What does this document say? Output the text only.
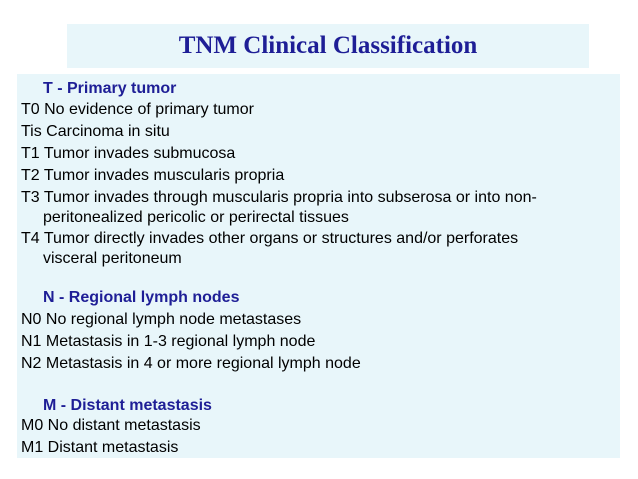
TNM Clinical Classification
T - Primary tumor
T0 No evidence of primary tumor
Tis Carcinoma in situ
T1 Tumor invades submucosa
T2 Tumor invades muscularis propria
T3 Tumor invades through muscularis propria into subserosa or into non-
peritonealized pericolic or perirectal tissues
T4 Tumor directly invades other organs or structures and/or perforates
visceral peritoneum
N - Regional lymph nodes
N0 No regional lymph node metastases
N1 Metastasis in 1-3 regional lymph node
N2 Metastasis in 4 or more regional lymph node
M - Distant metastasis
M0 No distant metastasis
M1 Distant metastasis
